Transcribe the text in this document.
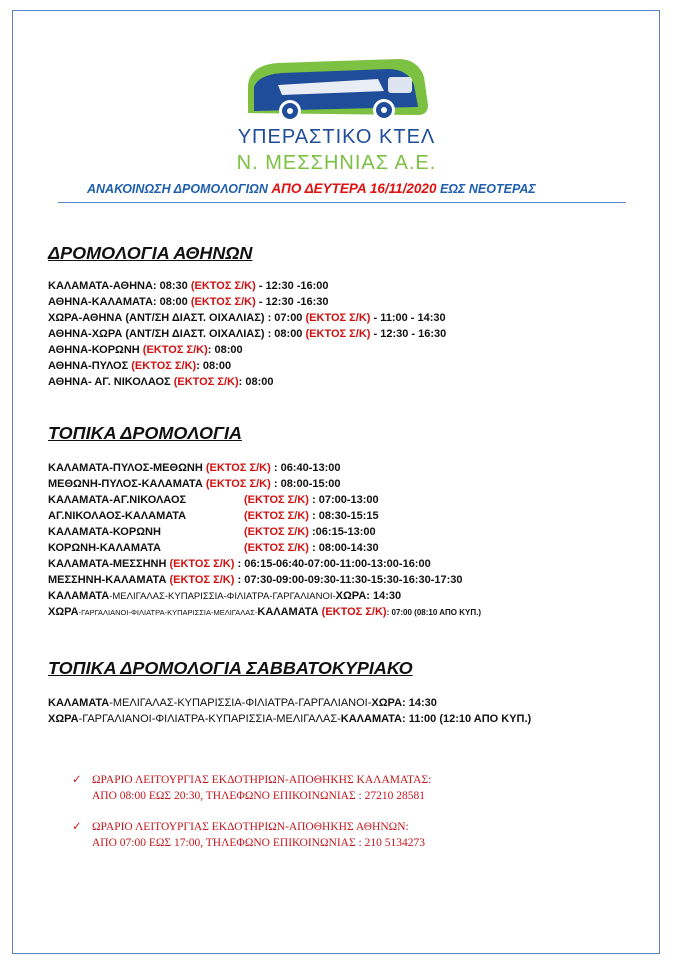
ΥΠΕΡΑΣΤΙΚΟ ΚΤΕΛ
Ν. ΜΕΣΣΗΝΙΑΣ Α.Ε.
ΑΝΑΚΟΙΝΩΣΗ ΔΡΟΜΟΛΟΓΙΩΝ ΑΠΟ ΔΕΥΤΕΡΑ 16/11/2020 ΕΩΣ ΝΕΟΤΕΡΑΣ
ΔΡΟΜΟΛΟΓΙΑ ΑΘΗΝΩΝ
ΚΑΛΑΜΑΤΑ-ΑΘΗΝΑ: 08:30 (ΕΚΤΟΣ Σ/Κ) - 12:30 -16:00
ΑΘΗΝΑ-ΚΑΛΑΜΑΤΑ: 08:00 (ΕΚΤΟΣ Σ/Κ) - 12:30 -16:30
ΧΩΡΑ-ΑΘΗΝΑ (ΑΝΤ/ΣΗ ΔΙΑΣΤ. ΟΙΧΑΛΙΑΣ) : 07:00 (ΕΚΤΟΣ Σ/Κ) - 11:00 - 14:30
ΑΘΗΝΑ-ΧΩΡΑ (ΑΝΤ/ΣΗ ΔΙΑΣΤ. ΟΙΧΑΛΙΑΣ) : 08:00 (ΕΚΤΟΣ Σ/Κ) - 12:30 - 16:30
ΑΘΗΝΑ-ΚΟΡΩΝΗ (ΕΚΤΟΣ Σ/Κ): 08:00
ΑΘΗΝΑ-ΠΥΛΟΣ (ΕΚΤΟΣ Σ/Κ): 08:00
ΑΘΗΝΑ- ΑΓ. ΝΙΚΟΛΑΟΣ (ΕΚΤΟΣ Σ/Κ): 08:00
ΤΟΠΙΚΑ ΔΡΟΜΟΛΟΓΙΑ
ΚΑΛΑΜΑΤΑ-ΠΥΛΟΣ-ΜΕΘΩΝΗ (ΕΚΤΟΣ Σ/Κ) : 06:40-13:00
ΜΕΘΩΝΗ-ΠΥΛΟΣ-ΚΑΛΑΜΑΤΑ (ΕΚΤΟΣ Σ/Κ) : 08:00-15:00
ΚΑΛΑΜΑΤΑ-ΑΓ.ΝΙΚΟΛΑΟΣ	(ΕΚΤΟΣ Σ/Κ) : 07:00-13:00
ΑΓ.ΝΙΚΟΛΑΟΣ-ΚΑΛΑΜΑΤΑ	(ΕΚΤΟΣ Σ/Κ) : 08:30-15:15
ΚΑΛΑΜΑΤΑ-ΚΟΡΩΝΗ	(ΕΚΤΟΣ Σ/Κ) :06:15-13:00
ΚΟΡΩΝΗ-ΚΑΛΑΜΑΤΑ	(ΕΚΤΟΣ Σ/Κ) : 08:00-14:30
ΚΑΛΑΜΑΤΑ-ΜΕΣΣΗΝΗ (ΕΚΤΟΣ Σ/Κ) : 06:15-06:40-07:00-11:00-13:00-16:00
ΜΕΣΣΗΝΗ-ΚΑΛΑΜΑΤΑ (ΕΚΤΟΣ Σ/Κ) : 07:30-09:00-09:30-11:30-15:30-16:30-17:30
ΚΑΛΑΜΑΤΑ-ΜΕΛΙΓΑΛΑΣ-ΚΥΠΑΡΙΣΣΙΑ-ΦΙΛΙΑΤΡΑ-ΓΑΡΓΑΛΙΑΝΟΙ-ΧΩΡΑ: 14:30
ΧΩΡΑ-ΓΑΡΓΑΛΙΑΝΟΙ-ΦΙΛΙΑΤΡΑ-ΚΥΠΑΡΙΣΣΙΑ-ΜΕΛΙΓΑΛΑΣ-ΚΑΛΑΜΑΤΑ (ΕΚΤΟΣ Σ/Κ): 07:00 (08:10 ΑΠΟ ΚΥΠ.)
ΤΟΠΙΚΑ ΔΡΟΜΟΛΟΓΙΑ ΣΑΒΒΑΤΟΚΥΡΙΑΚΟ
ΚΑΛΑΜΑΤΑ-ΜΕΛΙΓΑΛΑΣ-ΚΥΠΑΡΙΣΣΙΑ-ΦΙΛΙΑΤΡΑ-ΓΑΡΓΑΛΙΑΝΟΙ-ΧΩΡΑ: 14:30
ΧΩΡΑ-ΓΑΡΓΑΛΙΑΝΟΙ-ΦΙΛΙΑΤΡΑ-ΚΥΠΑΡΙΣΣΙΑ-ΜΕΛΙΓΑΛΑΣ-ΚΑΛΑΜΑΤΑ: 11:00 (12:10 ΑΠΟ ΚΥΠ.)
✓ ΩΡΑΡΙΟ ΛΕΙΤΟΥΡΓΙΑΣ ΕΚΔΟΤΗΡΙΩΝ-ΑΠΟΘΗΚΗΣ ΚΑΛΑΜΑΤΑΣ:
ΑΠΟ 08:00 ΕΩΣ 20:30, ΤΗΛΕΦΩΝΟ ΕΠΙΚΟΙΝΩΝΙΑΣ : 27210 28581
✓ ΩΡΑΡΙΟ ΛΕΙΤΟΥΡΓΙΑΣ ΕΚΔΟΤΗΡΙΩΝ-ΑΠΟΘΗΚΗΣ ΑΘΗΝΩΝ:
ΑΠΟ 07:00 ΕΩΣ 17:00, ΤΗΛΕΦΩΝΟ ΕΠΙΚΟΙΝΩΝΙΑΣ : 210 5134273
